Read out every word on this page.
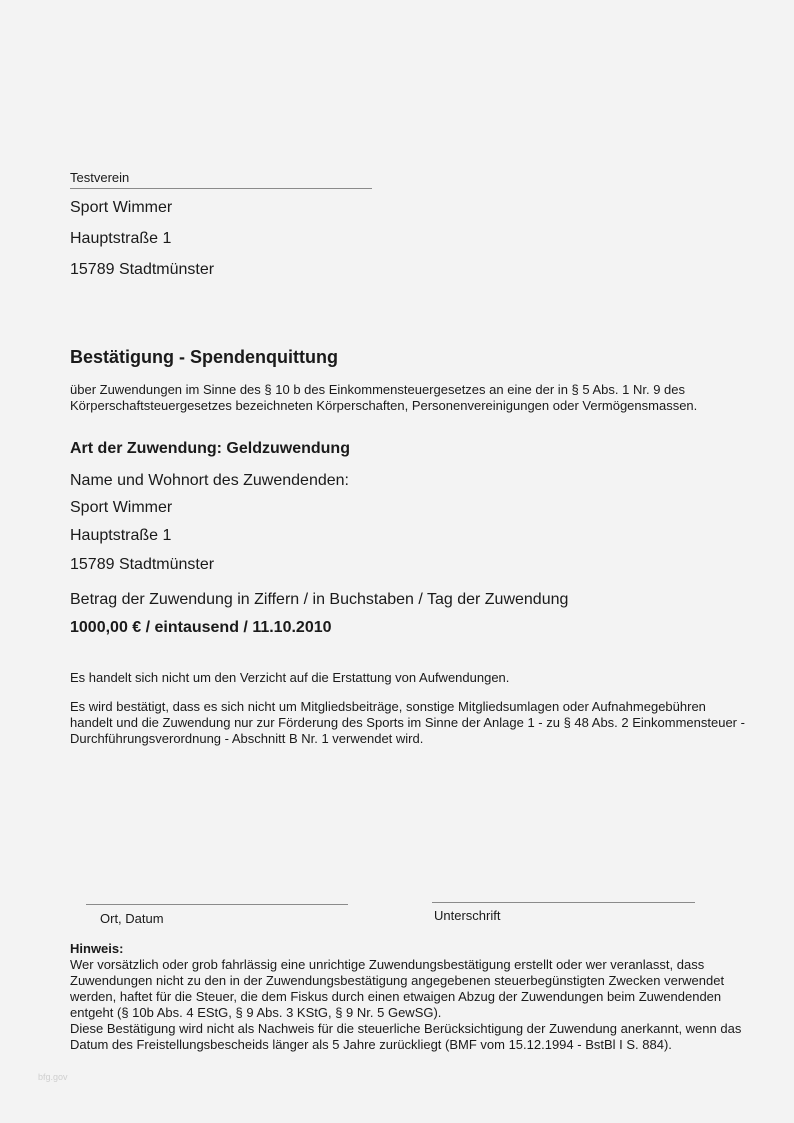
Testverein
Sport Wimmer
Hauptstraße 1
15789 Stadtmünster
Bestätigung - Spendenquittung
über Zuwendungen im Sinne des § 10 b des Einkommensteuergesetzes an eine der in § 5 Abs. 1 Nr. 9 des Körperschaftsteuergesetzes bezeichneten Körperschaften, Personenvereinigungen oder Vermögensmassen.
Art der Zuwendung: Geldzuwendung
Name und Wohnort des Zuwendenden:
Sport Wimmer
Hauptstraße 1
15789 Stadtmünster
Betrag der Zuwendung in Ziffern / in Buchstaben / Tag der Zuwendung
1000,00 € / eintausend / 11.10.2010
Es handelt sich nicht um den Verzicht auf die Erstattung von Aufwendungen.
Es wird bestätigt, dass es sich nicht um Mitgliedsbeiträge, sonstige Mitgliedsumlagen oder Aufnahmegebühren handelt und die Zuwendung nur zur Förderung des Sports im Sinne der Anlage 1 - zu § 48 Abs. 2 Einkommensteuer - Durchführungsverordnung - Abschnitt B Nr. 1 verwendet wird.
Ort, Datum	Unterschrift
Hinweis:
Wer vorsätzlich oder grob fahrlässig eine unrichtige Zuwendungsbestätigung erstellt oder wer veranlasst, dass Zuwendungen nicht zu den in der Zuwendungsbestätigung angegebenen steuerbegünstigten Zwecken verwendet werden, haftet für die Steuer, die dem Fiskus durch einen etwaigen Abzug der Zuwendungen beim Zuwendenden entgeht (§ 10b Abs. 4 EStG, § 9 Abs. 3 KStG, § 9 Nr. 5 GewSG).
Diese Bestätigung wird nicht als Nachweis für die steuerliche Berücksichtigung der Zuwendung anerkannt, wenn das Datum des Freistellungsbescheids länger als 5 Jahre zurückliegt (BMF vom 15.12.1994 - BstBl I S. 884).
bfg.gov
